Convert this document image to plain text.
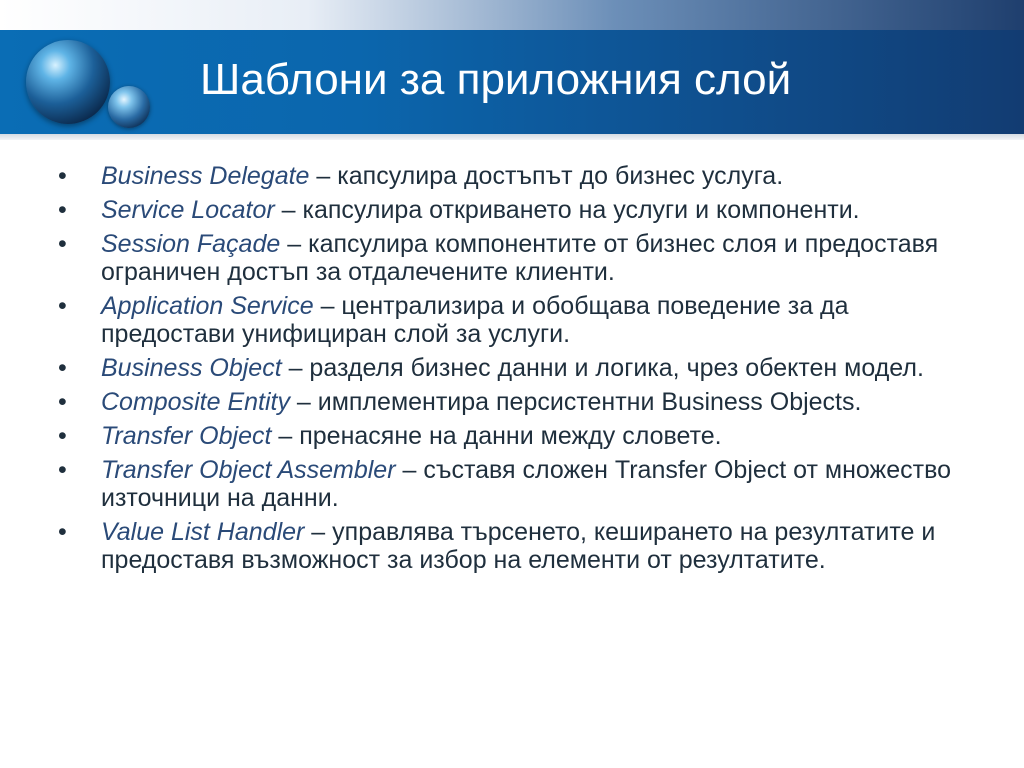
Шаблони за приложния слой
• Business Delegate – капсулира достъпът до бизнес услуга.
• Service Locator – капсулира откриването на услуги и компоненти.
• Session Façade – капсулира компонентите от бизнес слоя и предоставя ограничен достъп за отдалечените клиенти.
• Application Service – централизира и обобщава поведение за да предостави унифициран слой за услуги.
• Business Object – разделя бизнес данни и логика, чрез обектен модел.
• Composite Entity – имплементира персистентни Business Objects.
• Transfer Object – пренасяне на данни между словете.
• Transfer Object Assembler – съставя сложен Transfer Object от множество източници на данни.
• Value List Handler – управлява търсенето, кеширането на резултатите и предоставя възможност за избор на елементи от резултатите.
